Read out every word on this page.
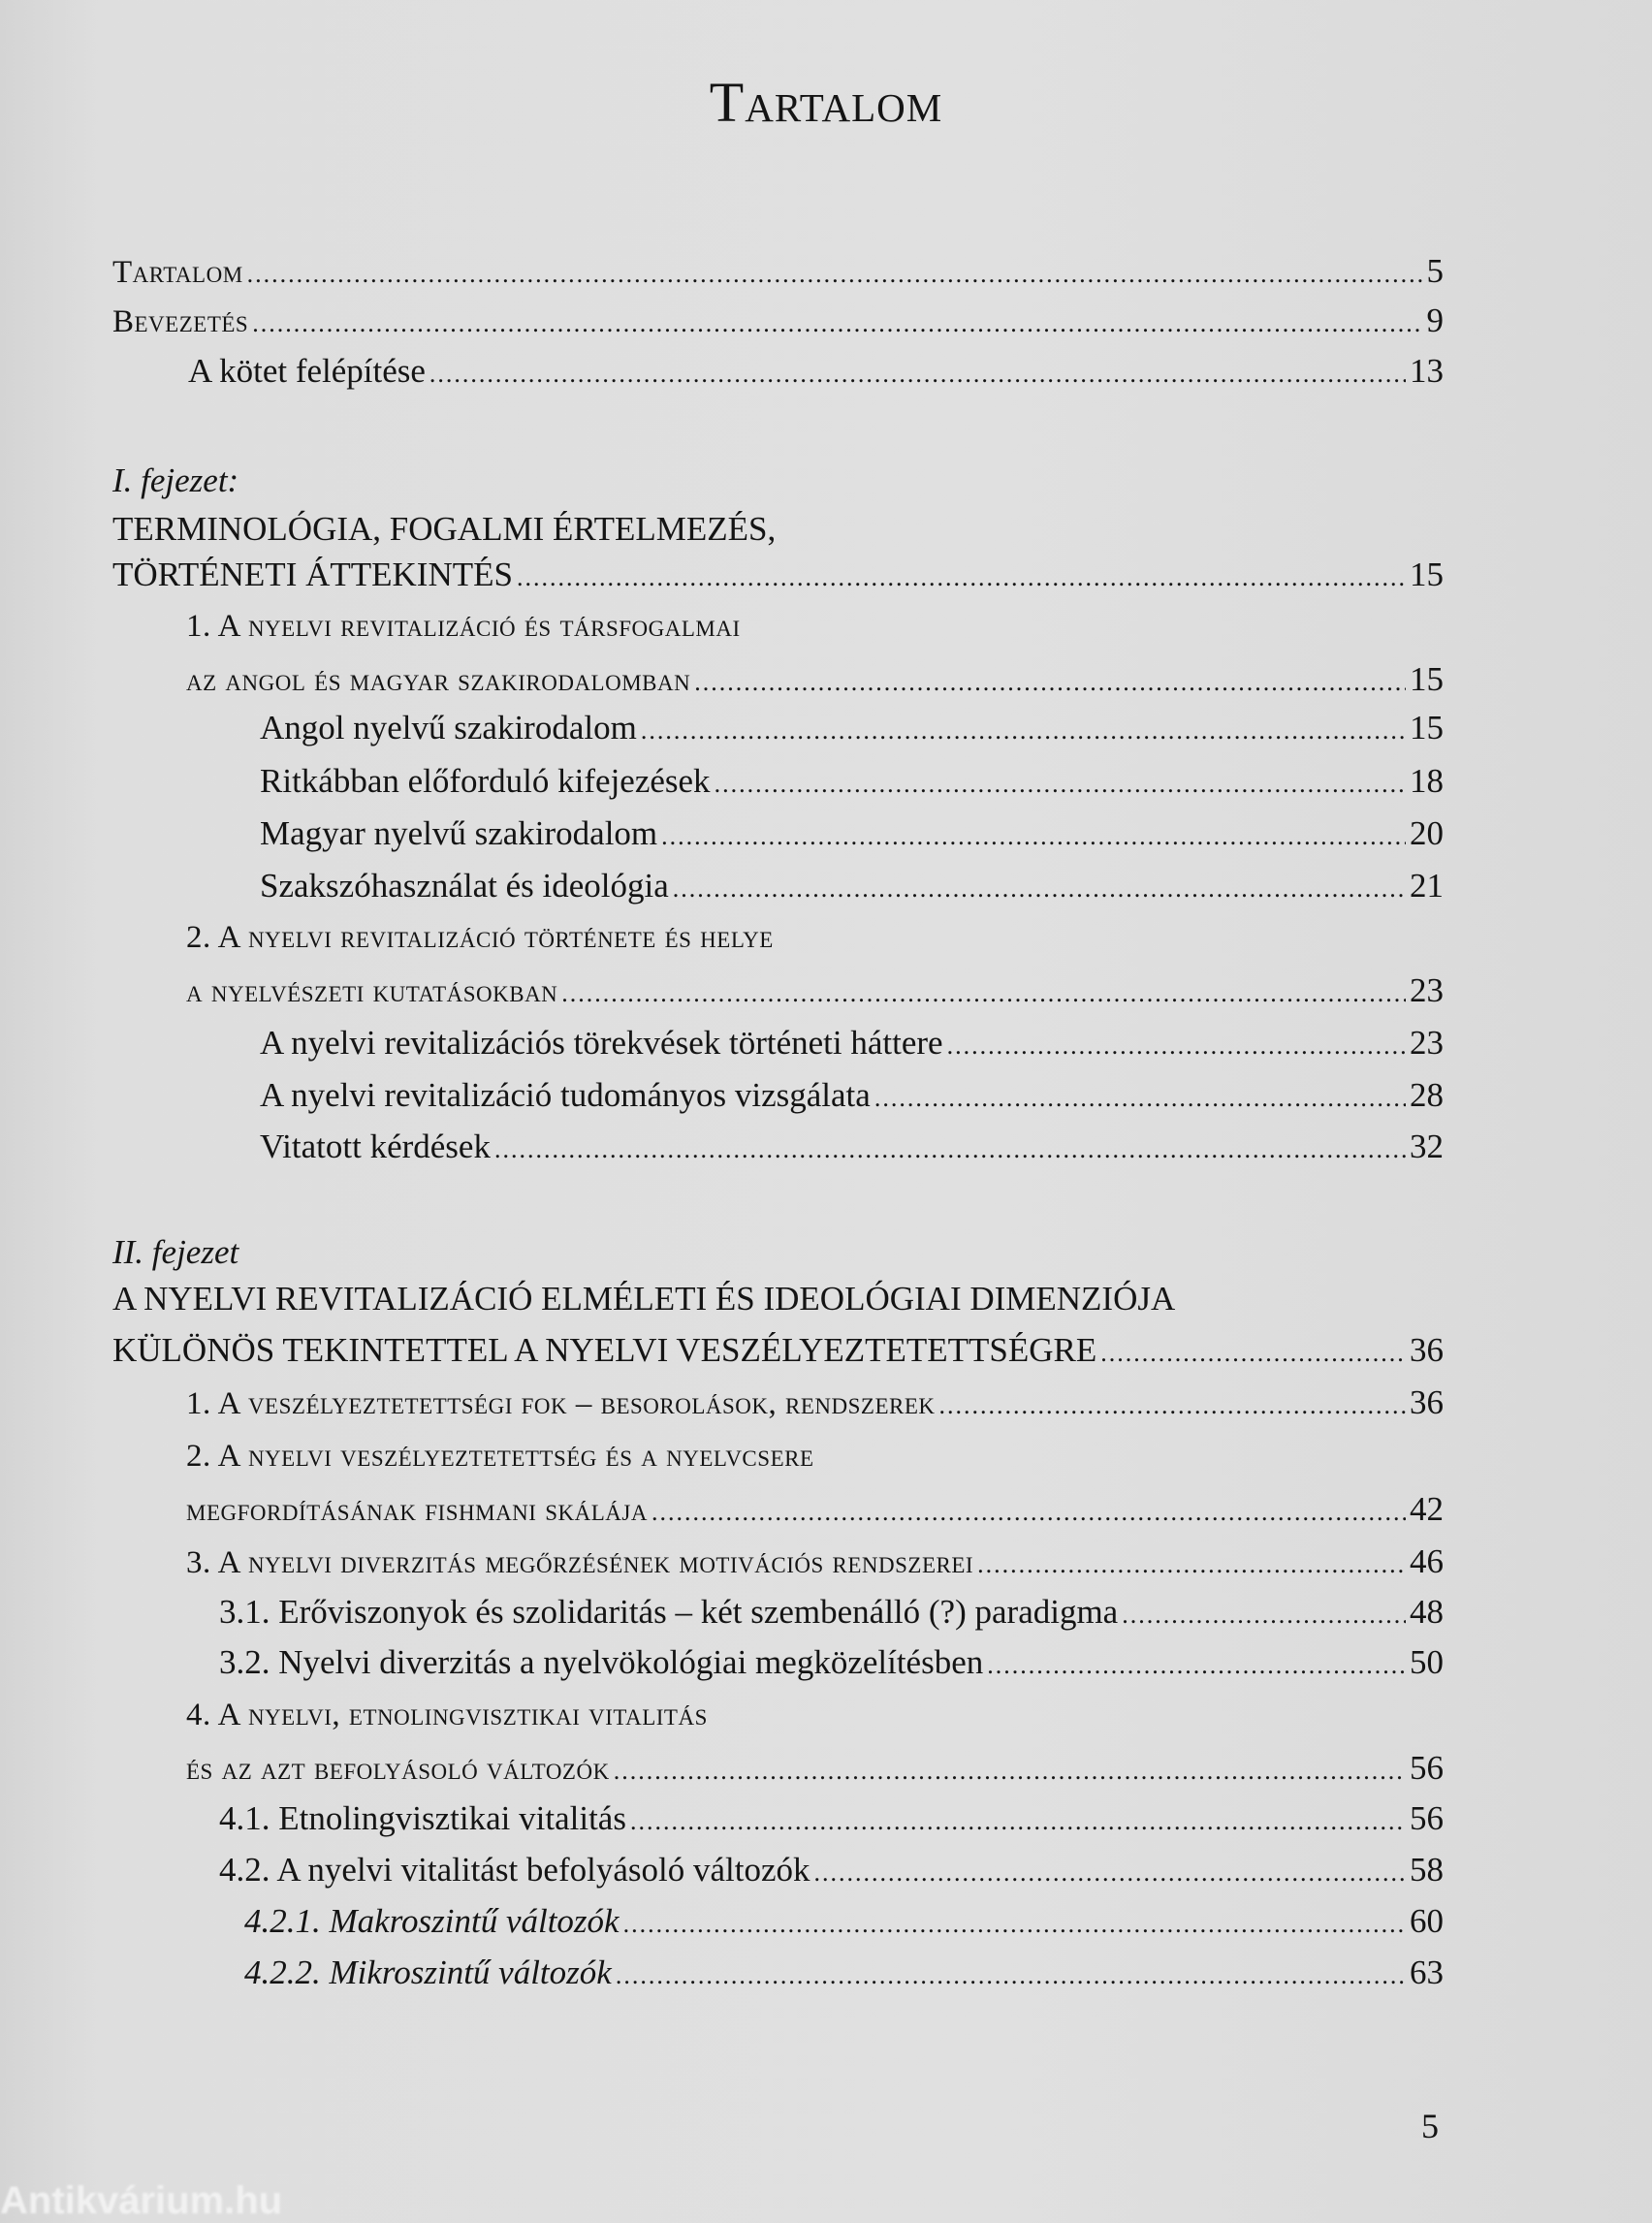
Tartalom
Tartalom .....	5
Bevezetés .....	9
A kötet felépítése .....	13
I. fejezet:
TERMINOLÓGIA, FOGALMI ÉRTELMEZÉS,
TÖRTÉNETI ÁTTEKINTÉS .....	15
1. A nyelvi revitalizáció és társfogalmai
az angol és magyar szakirodalomban .....	15
Angol nyelvű szakirodalom .....	15
Ritkábban előforduló kifejezések .....	18
Magyar nyelvű szakirodalom .....	20
Szakszóhasználat és ideológia .....	21
2. A nyelvi revitalizáció története és helye
a nyelvészeti kutatásokban .....	23
A nyelvi revitalizációs törekvések történeti háttere .....	23
A nyelvi revitalizáció tudományos vizsgálata .....	28
Vitatott kérdések .....	32
II. fejezet
A NYELVI REVITALIZÁCIÓ ELMÉLETI ÉS IDEOLÓGIAI DIMENZIÓJA
KÜLÖNÖS TEKINTETTEL A NYELVI VESZÉLYEZTETETTSÉGRE .....	36
1. A veszélyeztetettségi fok – besorolások, rendszerek .....	36
2. A nyelvi veszélyeztetettség és a nyelvcsere
megfordításának fishmani skálája .....	42
3. A nyelvi diverzitás megőrzésének motivációs rendszerei .....	46
3.1. Erőviszonyok és szolidaritás – két szembenálló (?) paradigma .....	48
3.2. Nyelvi diverzitás a nyelvökológiai megközelítésben .....	50
4. A nyelvi, etnolingvisztikai vitalitás
és az azt befolyásoló változók .....	56
4.1. Etnolingvisztikai vitalitás .....	56
4.2. A nyelvi vitalitást befolyásoló változók .....	58
4.2.1. Makroszintű változók .....	60
4.2.2. Mikroszintű változók .....	63
5
Antikvárium.hu
